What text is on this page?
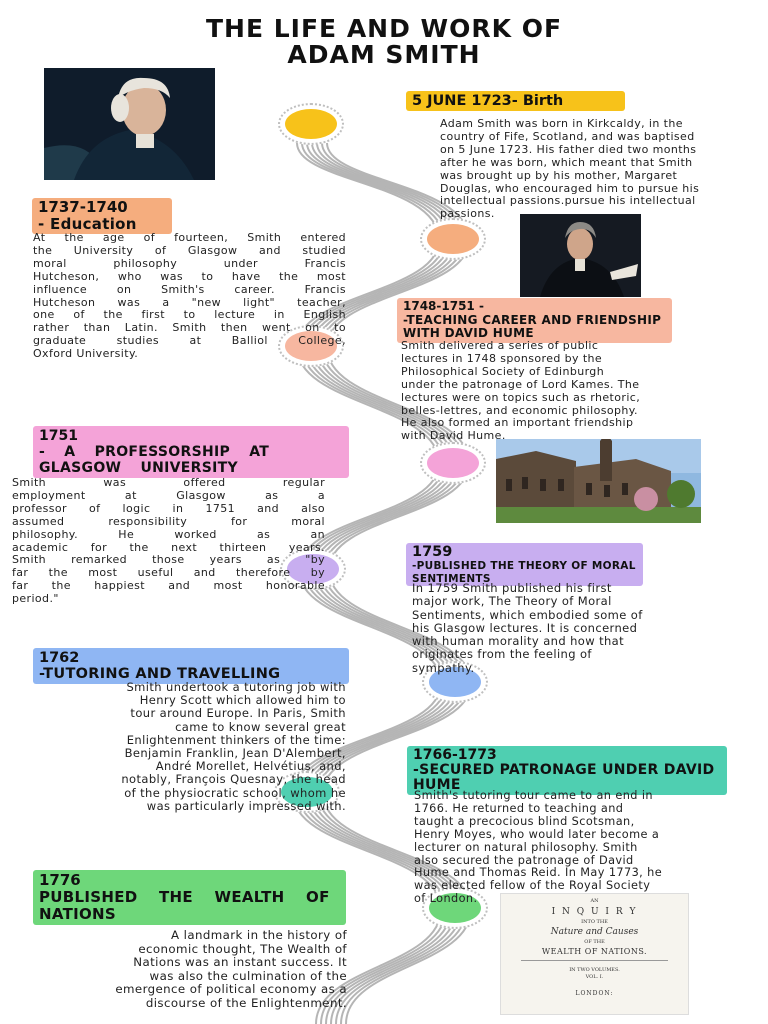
THE LIFE AND WORK OF
ADAM SMITH
AN
I N Q U I R Y
INTO THE
Nature and Causes
OF THE
WEALTH OF NATIONS.
IN TWO VOLUMES.
VOL. I.
LONDON:
5 JUNE 1723- Birth
Adam Smith was born in Kirkcaldy, in the
country of Fife, Scotland, and was baptised
on 5 June 1723. His father died two months
after he was born, which meant that Smith
was brought up by his mother, Margaret
Douglas, who encouraged him to pursue his
intellectual passions.pursue his intellectual
passions.
1737-1740
- Education
At the age of fourteen, Smith entered
the University of Glasgow and studied
moral philosophy under Francis
Hutcheson, who was to have the most
influence on Smith's career. Francis
Hutcheson was a "new light" teacher,
one of the first to lecture in English
rather than Latin. Smith then went on to
graduate studies at Balliol College,
Oxford University.
1748-1751 -
-TEACHING CAREER AND FRIENDSHIP WITH DAVID HUME
Smith delivered a series of public
lectures in 1748 sponsored by the
Philosophical Society of Edinburgh
under the patronage of Lord Kames. The
lectures were on topics such as rhetoric,
belles-lettres, and economic philosophy.
He also formed an important friendship
with David Hume.
1751
- A PROFESSORSHIP AT GLASGOW UNIVERSITY
Smith was offered regular
employment at Glasgow as a
professor of logic in 1751 and also
assumed responsibility for moral
philosophy. He worked as an
academic for the next thirteen years.
Smith remarked those years as "by
far the most useful and therefore by
far the happiest and most honorable
period."
1759
-PUBLISHED THE THEORY OF MORAL SENTIMENTS
In 1759 Smith published his first
major work, The Theory of Moral
Sentiments, which embodied some of
his Glasgow lectures. It is concerned
with human morality and how that
originates from the feeling of
sympathy.
1762
-TUTORING AND TRAVELLING
Smith undertook a tutoring job with
Henry Scott which allowed him to
tour around Europe. In Paris, Smith
came to know several great
Enlightenment thinkers of the time:
Benjamin Franklin, Jean D'Alembert,
André Morellet, Helvétius, and,
notably, François Quesnay, the head
of the physiocratic school, whom he
was particularly impressed with.
1766-1773
-SECURED PATRONAGE UNDER DAVID HUME
Smith's tutoring tour came to an end in
1766. He returned to teaching and
taught a precocious blind Scotsman,
Henry Moyes, who would later become a
lecturer on natural philosophy. Smith
also secured the patronage of David
Hume and Thomas Reid. In May 1773, he
was elected fellow of the Royal Society
of London.
1776
PUBLISHED THE WEALTH OF NATIONS
A landmark in the history of
economic thought, The Wealth of
Nations was an instant success. It
was also the culmination of the
emergence of political economy as a
discourse of the Enlightenment.
